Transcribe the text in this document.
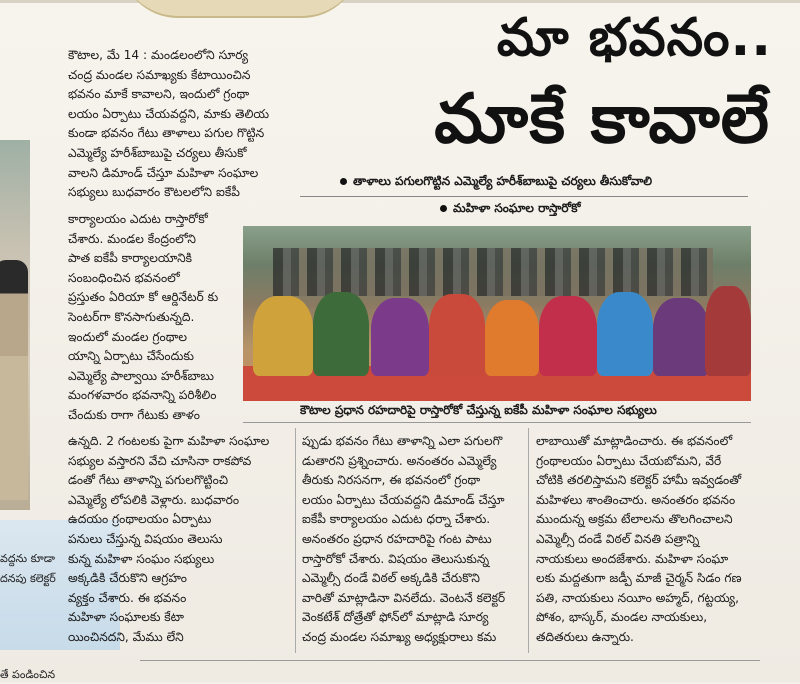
వద్దను కూడా
దనపు కలెక్టర్
తే పండించిన
మా భవనం..
మాకే కావాలే
తాళాలు పగులగొట్టిన ఎమ్మెల్యే హరీశ్‌బాబుపై చర్యలు తీసుకోవాలి
మహిళా సంఘాల రాస్తారోకో
కౌటాల, మే 14 : మండలంలోని సూర్య
చంద్ర మండల సమాఖ్యకు కేటాయించిన
భవనం మాకే కావాలని, ఇందులో గ్రంథా
లయం ఏర్పాటు చేయవద్దని, మాకు తెలియ
కుండా భవనం గేటు తాళాలు పగుల గొట్టిన
ఎమ్మెల్యే హరీశ్‌బాబుపై చర్యలు తీసుకో
వాలని డిమాండ్ చేస్తూ మహిళా సంఘాల
సభ్యులు బుధవారం కౌటలలోని ఐకేపీ
కార్యాలయం ఎదుట రాస్తారోకో
చేశారు. మండల కేంద్రంలోని
పాత ఐకేపీ కార్యాలయానికి
సంబంధించిన భవనంలో
ప్రస్తుతం ఏరియా కో ఆర్డినేటర్ కు
సెంటర్‌గా కొనసాగుతున్నది.
ఇందులో మండల గ్రంథాల
యాన్ని ఏర్పాటు చేసేందుకు
ఎమ్మెల్యే పాల్వాయి హరీశ్‌బాబు
మంగళవారం భవనాన్ని పరిశీలిం
చేందుకు రాగా గేటుకు తాళం	కౌటాల ప్రధాన రహదారిపై రాస్తారోకో చేస్తున్న ఐకేపీ మహిళా సంఘాల సభ్యులు
ఉన్నది. 2 గంటలకు పైగా మహిళా సంఘాల
సభ్యుల వస్తారని వేచి చూసినా రాకపోవ
డంతో గేటు తాళాన్ని పగులగొట్టించి
ఎమ్మెల్యే లోపలికి వెళ్లారు. బుధవారం
ఉదయం గ్రంథాలయం ఏర్పాటు
పనులు చేస్తున్న విషయం తెలుసు
కున్న మహిళా సంఘం సభ్యులు
అక్కడికి చేరుకొని ఆగ్రహం
వ్యక్తం చేశారు. ఈ భవనం
మహిళా సంఘాలకు కేటా
యించినదని, మేము లేని
ప్పుడు భవనం గేటు తాళాన్ని ఎలా పగులగొ
డుతారని ప్రశ్నించారు. అనంతరం ఎమ్మెల్యే
తీరుకు నిరసనగా, ఈ భవనంలో గ్రంథా
లయం ఏర్పాటు చేయవద్దని డిమాండ్ చేస్తూ
ఐకేపీ కార్యాలయం ఎదుట ధర్నా చేశారు.
అనంతరం ప్రధాన రహదారిపై గంట పాటు
రాస్తారోకో చేశారు. విషయం తెలుసుకున్న
ఎమ్మెల్సీ దండే విఠల్ అక్కడికి చేరుకొని
వారితో మాట్లాడినా వినలేదు. వెంటనే కలెక్టర్
వెంకటేశ్ దోత్రేతో ఫోన్‌లో మాట్లాడి సూర్య
చంద్ర మండల సమాఖ్య అధ్యక్షురాలు కమ
లాబాయితో మాట్లాడించారు. ఈ భవనంలో
గ్రంథాలయం ఏర్పాటు చేయబోమని, వేరే
చోటికి తరలిస్తామని కలెక్టర్ హామీ ఇవ్వడంతో
మహిళలు శాంతించారు. అనంతరం భవనం
ముందున్న అక్రమ టేలాలను తొలగించాలని
ఎమ్మెల్సీ దండే విఠల్ వినతి పత్రాన్ని
నాయకులు అందజేశారు. మహిళా సంఘా
లకు మద్దతుగా జడ్పీ మాజీ చైర్మన్ సిడం గణ
పతి, నాయకులు నయీం అహ్మద్, గట్టయ్య,
పోశం, భాస్కర్, మండల నాయకులు,
తదితరులు ఉన్నారు.
